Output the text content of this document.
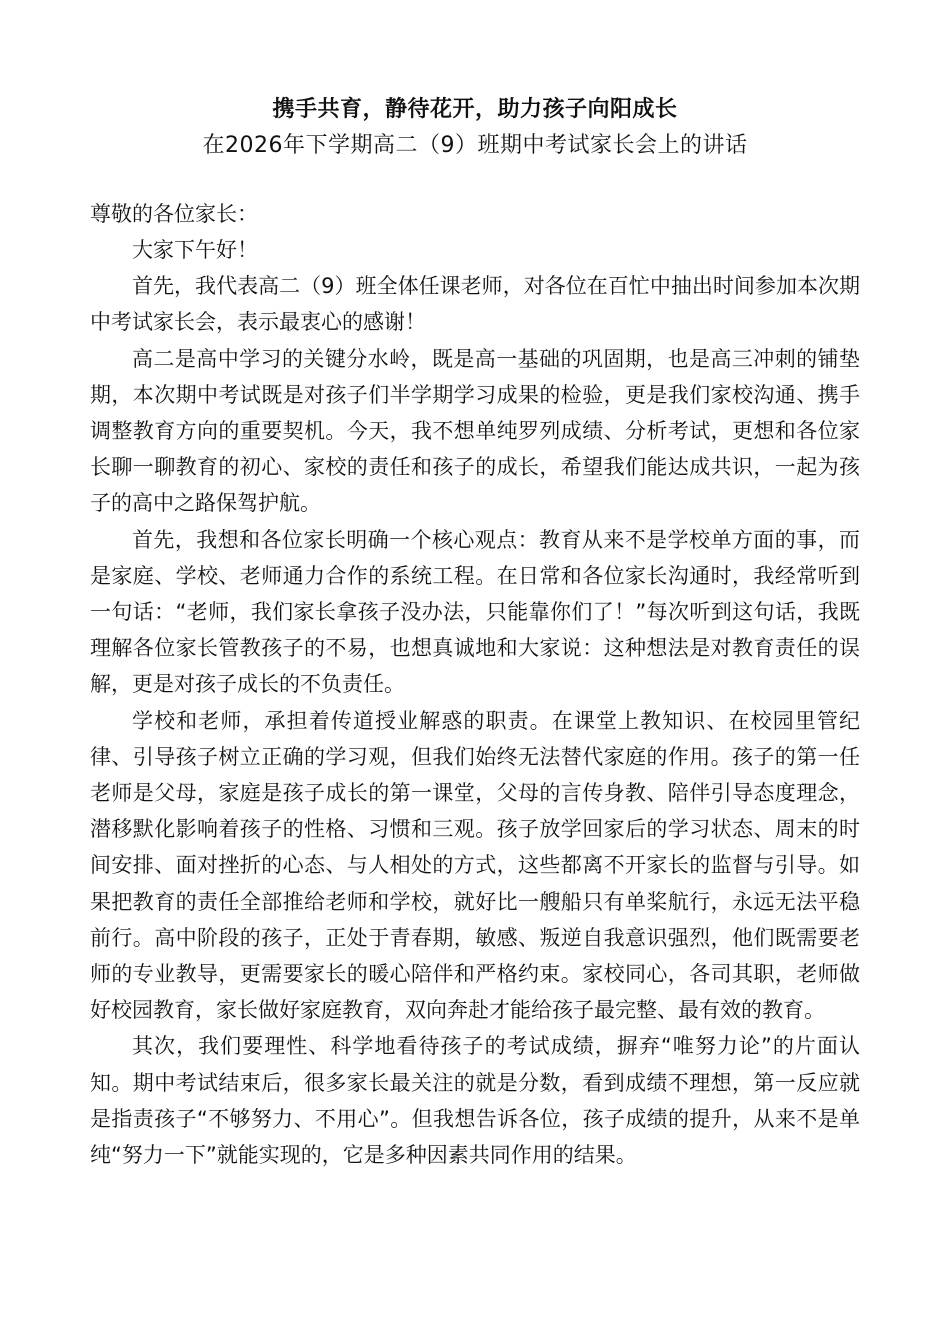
携手共育，静待花开，助力孩子向阳成长
在2026年下学期高二（9）班期中考试家长会上的讲话

尊敬的各位家长：

大家下午好！

首先，我代表高二（9）班全体任课老师，对各位在百忙中抽出时间参加本次期中考试家长会，表示最衷心的感谢！

高二是高中学习的关键分水岭，既是高一基础的巩固期，也是高三冲刺的铺垫期，本次期中考试既是对孩子们半学期学习成果的检验，更是我们家校沟通、携手调整教育方向的重要契机。今天，我不想单纯罗列成绩、分析考试，更想和各位家长聊一聊教育的初心、家校的责任和孩子的成长，希望我们能达成共识，一起为孩子的高中之路保驾护航。

首先，我想和各位家长明确一个核心观点：教育从来不是学校单方面的事，而是家庭、学校、老师通力合作的系统工程。在日常和各位家长沟通时，我经常听到一句话：“老师，我们家长拿孩子没办法，只能靠你们了！”每次听到这句话，我既理解各位家长管教孩子的不易，也想真诚地和大家说：这种想法是对教育责任的误解，更是对孩子成长的不负责任。

学校和老师，承担着传道授业解惑的职责。在课堂上教知识、在校园里管纪律、引导孩子树立正确的学习观，但我们始终无法替代家庭的作用。孩子的第一任老师是父母，家庭是孩子成长的第一课堂，父母的言传身教、陪伴引导态度理念，潜移默化影响着孩子的性格、习惯和三观。孩子放学回家后的学习状态、周末的时间安排、面对挫折的心态、与人相处的方式，这些都离不开家长的监督与引导。如果把教育的责任全部推给老师和学校，就好比一艘船只有单桨航行，永远无法平稳前行。高中阶段的孩子，正处于青春期，敏感、叛逆自我意识强烈，他们既需要老师的专业教导，更需要家长的暖心陪伴和严格约束。家校同心，各司其职，老师做好校园教育，家长做好家庭教育，双向奔赴才能给孩子最完整、最有效的教育。

其次，我们要理性、科学地看待孩子的考试成绩，摒弃“唯努力论”的片面认知。期中考试结束后，很多家长最关注的就是分数，看到成绩不理想，第一反应就是指责孩子“不够努力、不用心”。但我想告诉各位，孩子成绩的提升，从来不是单纯“努力一下”就能实现的，它是多种因素共同作用的结果。
